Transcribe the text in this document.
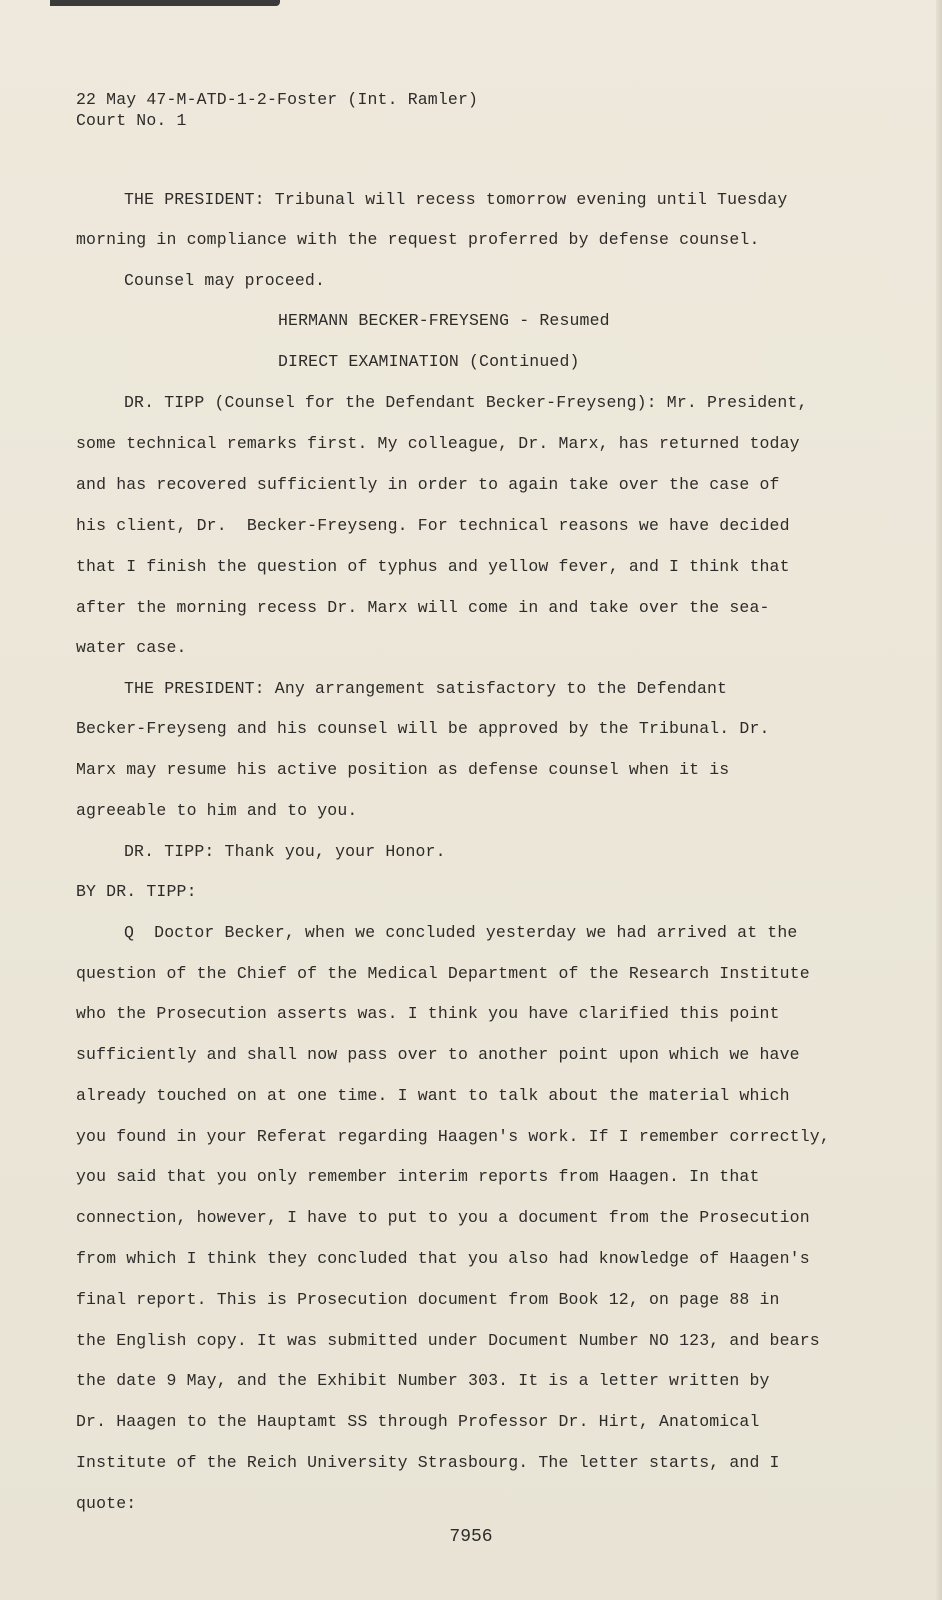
22 May 47-M-ATD-1-2-Foster (Int. Ramler)
Court No. 1
THE PRESIDENT: Tribunal will recess tomorrow evening until Tuesday
morning in compliance with the request proferred by defense counsel.
Counsel may proceed.
HERMANN BECKER-FREYSENG - Resumed
DIRECT EXAMINATION (Continued)
DR. TIPP (Counsel for the Defendant Becker-Freyseng): Mr. President,
some technical remarks first. My colleague, Dr. Marx, has returned today
and has recovered sufficiently in order to again take over the case of
his client, Dr.  Becker-Freyseng. For technical reasons we have decided
that I finish the question of typhus and yellow fever, and I think that
after the morning recess Dr. Marx will come in and take over the sea-
water case.
THE PRESIDENT: Any arrangement satisfactory to the Defendant
Becker-Freyseng and his counsel will be approved by the Tribunal. Dr.
Marx may resume his active position as defense counsel when it is
agreeable to him and to you.
DR. TIPP: Thank you, your Honor.
BY DR. TIPP:
Q  Doctor Becker, when we concluded yesterday we had arrived at the
question of the Chief of the Medical Department of the Research Institute
who the Prosecution asserts was. I think you have clarified this point
sufficiently and shall now pass over to another point upon which we have
already touched on at one time. I want to talk about the material which
you found in your Referat regarding Haagen's work. If I remember correctly,
you said that you only remember interim reports from Haagen. In that
connection, however, I have to put to you a document from the Prosecution
from which I think they concluded that you also had knowledge of Haagen's
final report. This is Prosecution document from Book 12, on page 88 in
the English copy. It was submitted under Document Number NO 123, and bears
the date 9 May, and the Exhibit Number 303. It is a letter written by
Dr. Haagen to the Hauptamt SS through Professor Dr. Hirt, Anatomical
Institute of the Reich University Strasbourg. The letter starts, and I
quote:
7956
